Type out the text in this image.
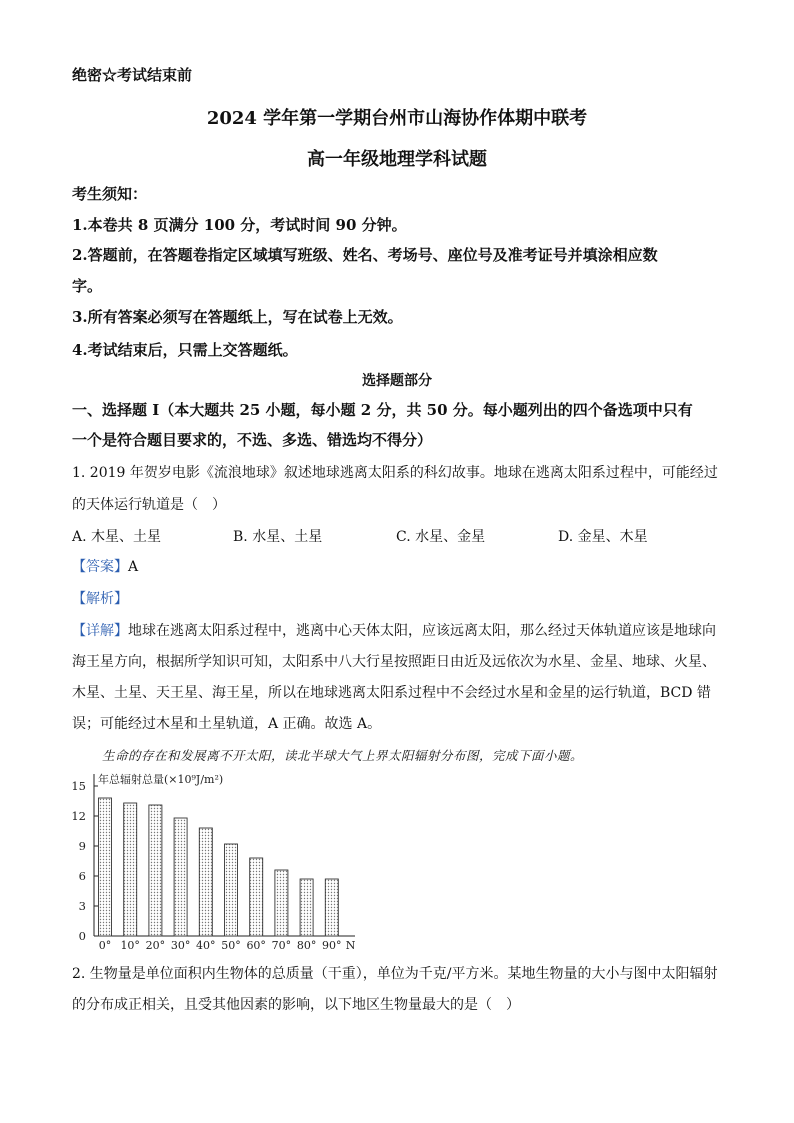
绝密☆考试结束前
2024 学年第一学期台州市山海协作体期中联考
高一年级地理学科试题
考生须知：
1.本卷共 8 页满分 100 分，考试时间 90 分钟。
2.答题前，在答题卷指定区域填写班级、姓名、考场号、座位号及准考证号并填涂相应数
字。
3.所有答案必须写在答题纸上，写在试卷上无效。
4.考试结束后，只需上交答题纸。
选择题部分
一、选择题 I（本大题共 25 小题，每小题 2 分，共 50 分。每小题列出的四个备选项中只有
一个是符合题目要求的，不选、多选、错选均不得分）
1. 2019 年贺岁电影《流浪地球》叙述地球逃离太阳系的科幻故事。地球在逃离太阳系过程中，可能经过
的天体运行轨道是（　）
A. 木星、土星	B. 水星、土星	C. 水星、金星	D. 金星、木星
【答案】A
【解析】
【详解】地球在逃离太阳系过程中，逃离中心天体太阳，应该远离太阳，那么经过天体轨道应该是地球向
海王星方向，根据所学知识可知，太阳系中八大行星按照距日由近及远依次为水星、金星、地球、火星、
木星、土星、天王星、海王星，所以在地球逃离太阳系过程中不会经过水星和金星的运行轨道，BCD 错
误；可能经过木星和土星轨道，A 正确。故选 A。
生命的存在和发展离不开太阳，读北半球大气上界太阳辐射分布图，完成下面小题。
0
3
6
9
12
15 年总辐射总量(×10⁹J/m²)
0° 10° 20° 30° 40° 50° 60° 70° 80° 90° N
2. 生物量是单位面积内生物体的总质量（干重），单位为千克/平方米。某地生物量的大小与图中太阳辐射
的分布成正相关，且受其他因素的影响，以下地区生物量最大的是（　）
